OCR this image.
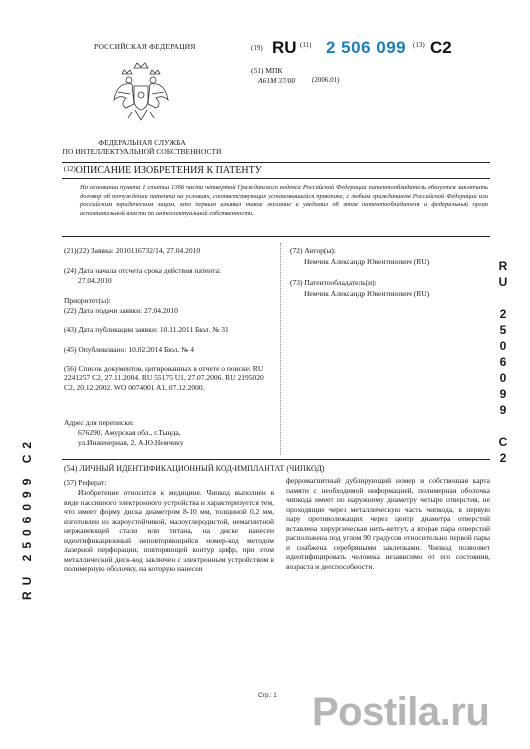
РОССИЙСКАЯ ФЕДЕРАЦИЯ
ФЕДЕРАЛЬНАЯ СЛУЖБА
ПО ИНТЕЛЛЕКТУАЛЬНОЙ СОБСТВЕННОСТИ
(19) RU (11) 2 506 099 (13) C2
(51) МПК
A61M 37/00 (2006.01)
$^{(12)}$ОПИСАНИЕ ИЗОБРЕТЕНИЯ К ПАТЕНТУ
На основании пункта 1 статьи 1366 части четвертой Гражданского кодекса Российской Федерации патентообладатель обязуется заключить договор об отчуждении патента на условиях, соответствующих установившейся практике, с любым гражданином Российской Федерации или российским юридическим лицом, кто первым изъявил такое желание и уведомил об этом патентообладателя и федеральный орган исполнительной власти по интеллектуальной собственности.
(21)(22) Заявка: 2010116732/14, 27.04.2010
(24) Дата начала отсчета срока действия патента:
27.04.2010
Приоритет(ы):
(22) Дата подачи заявки: 27.04.2010
(43) Дата публикации заявки: 10.11.2011 Бюл. № 31
(45) Опубликовано: 10.02.2014 Бюл. № 4
(56) Список документов, цитированных в отчете о поиске: RU 2241257 C2, 27.11.2004. RU 55175 U1, 27.07.2006. RU 2195020 C2, 20.12.2002. WO 0074001 A1, 07.12.2000.
Адрес для переписки:
676290, Амурская обл., г.Тында,
ул.Инженерная, 2, А.Ю.Немчику
(72) Автор(ы):
Немчик Александр Ювентинович (RU)
(73) Патентообладатель(и):
Немчик Александр Ювентинович (RU)
R
U

2
5
0
6
0
9
9

C
2
RU 2506099 C2	(54) ЛИЧНЫЙ ИДЕНТИФИКАЦИОННЫЙ КОД-ИМПЛАНТАТ (ЧИПКОД)
(57) Реферат:
Изобретение относится к медицине. Чипкод выполнен в виде пассивного электронного устройства и характеризуется тем, что имеет форму диска диаметром 8-10 мм, толщиной 0,2 мм, изготовлен из жароустойчивой, малоуглеродистой, немагнитной нержавеющей стали или титана, на диске нанесен идентификационный неповторяющийся номер-код методом лазерной перфорации, повторяющей контур цифр, при этом металлический диск-код заключен с электронным устройством в полимерную оболочку, на которую нанесен
ферромагнитный дублирующий номер и собственная карта памяти с необходимой информацией, полимерная оболочка чипкода имеет по наружному диаметру четыре отверстия, не проходящие через металлическую часть чипкода, в первую пару противолежащих через центр диаметра отверстий вставлена хирургическая нить-кетгут, а вторая пара отверстий расположена под углом 90 градусов относительно первой пары и снабжена серебряными заклепками. Чипкод позволяет идентифицировать человека независимо от его состояния, возраста и дееспособности.
Стр.: 1 Postila.ru
